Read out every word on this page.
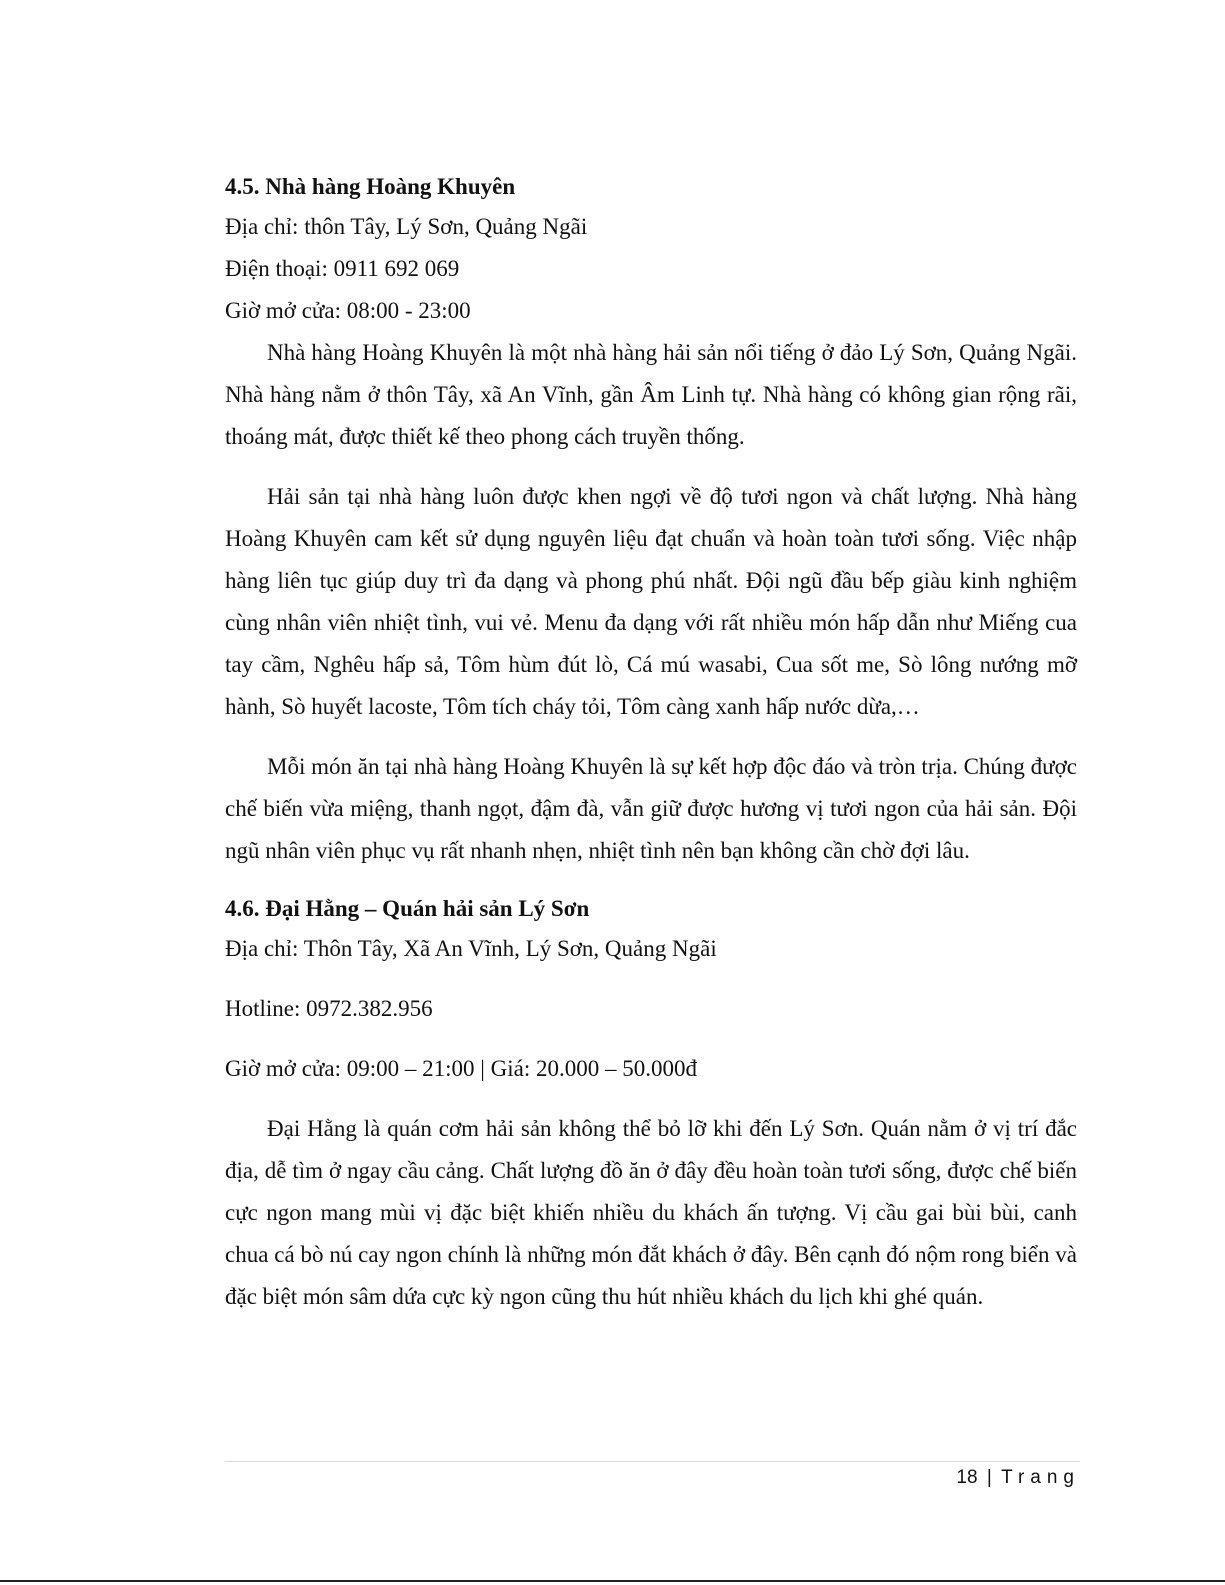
4.5. Nhà hàng Hoàng Khuyên

Địa chỉ: thôn Tây, Lý Sơn, Quảng Ngãi

Điện thoại: 0911 692 069

Giờ mở cửa: 08:00 - 23:00

Nhà hàng Hoàng Khuyên là một nhà hàng hải sản nổi tiếng ở đảo Lý Sơn, Quảng Ngãi. Nhà hàng nằm ở thôn Tây, xã An Vĩnh, gần Âm Linh tự. Nhà hàng có không gian rộng rãi, thoáng mát, được thiết kế theo phong cách truyền thống.

Hải sản tại nhà hàng luôn được khen ngợi về độ tươi ngon và chất lượng. Nhà hàng Hoàng Khuyên cam kết sử dụng nguyên liệu đạt chuẩn và hoàn toàn tươi sống. Việc nhập hàng liên tục giúp duy trì đa dạng và phong phú nhất. Đội ngũ đầu bếp giàu kinh nghiệm cùng nhân viên nhiệt tình, vui vẻ. Menu đa dạng với rất nhiều món hấp dẫn như Miếng cua tay cầm, Nghêu hấp sả, Tôm hùm đút lò, Cá mú wasabi, Cua sốt me, Sò lông nướng mỡ hành, Sò huyết lacoste, Tôm tích cháy tỏi, Tôm càng xanh hấp nước dừa,…

Mỗi món ăn tại nhà hàng Hoàng Khuyên là sự kết hợp độc đáo và tròn trịa. Chúng được chế biến vừa miệng, thanh ngọt, đậm đà, vẫn giữ được hương vị tươi ngon của hải sản. Đội ngũ nhân viên phục vụ rất nhanh nhẹn, nhiệt tình nên bạn không cần chờ đợi lâu.

4.6. Đại Hằng – Quán hải sản Lý Sơn

Địa chỉ: Thôn Tây, Xã An Vĩnh, Lý Sơn, Quảng Ngãi

Hotline: 0972.382.956

Giờ mở cửa: 09:00 – 21:00 | Giá: 20.000 – 50.000đ

Đại Hằng là quán cơm hải sản không thể bỏ lỡ khi đến Lý Sơn. Quán nằm ở vị trí đắc địa, dễ tìm ở ngay cầu cảng. Chất lượng đồ ăn ở đây đều hoàn toàn tươi sống, được chế biến cực ngon mang mùi vị đặc biệt khiến nhiều du khách ấn tượng. Vị cầu gai bùi bùi, canh chua cá bò nú cay ngon chính là những món đắt khách ở đây. Bên cạnh đó nộm rong biển và đặc biệt món sâm dứa cực kỳ ngon cũng thu hút nhiều khách du lịch khi ghé quán.

18 | Trang
